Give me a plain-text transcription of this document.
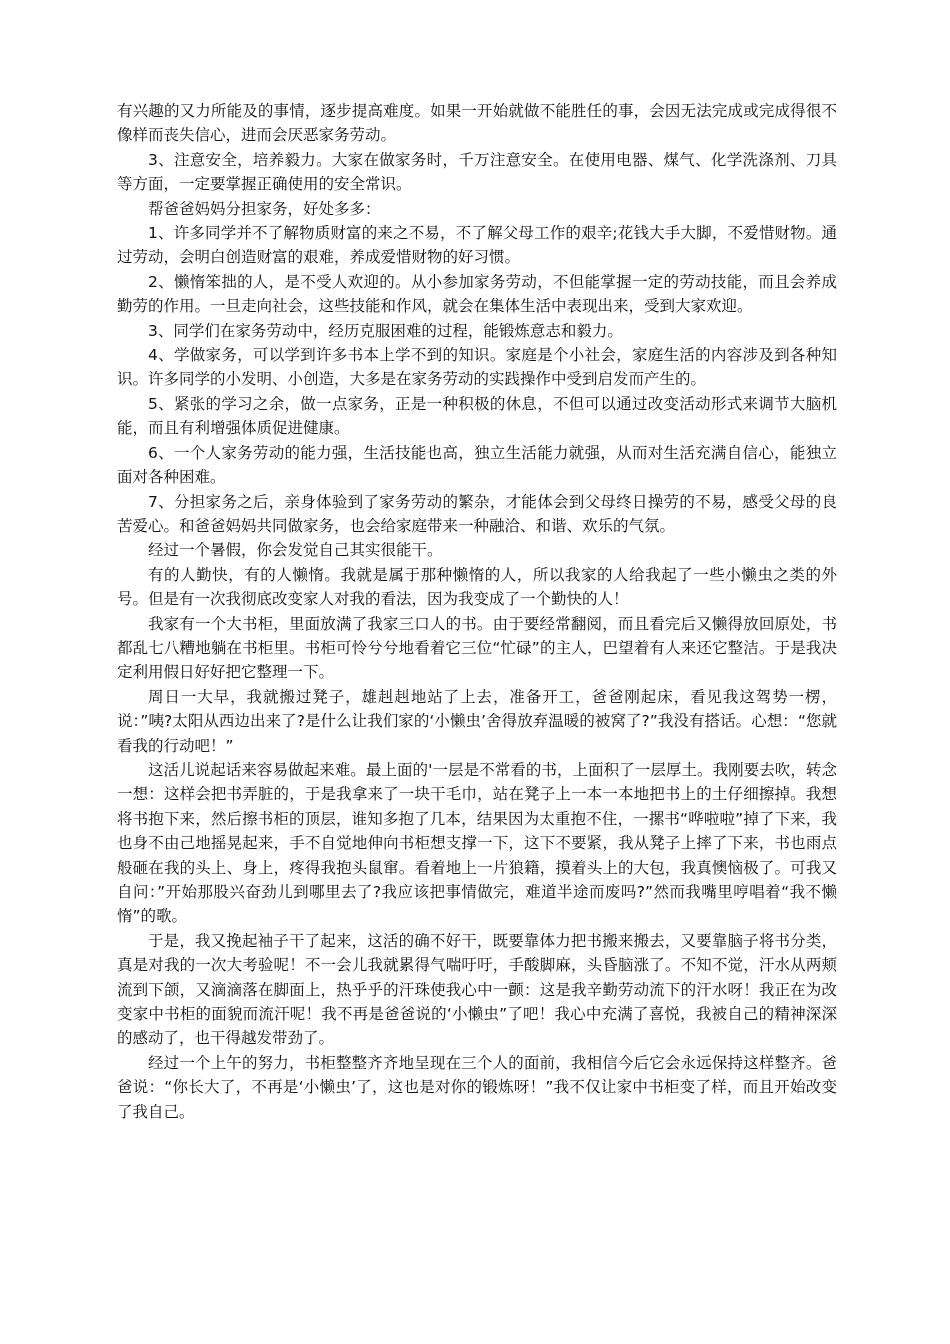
有兴趣的又力所能及的事情，逐步提高难度。如果一开始就做不能胜任的事，会因无法完成或完成得很不像样而丧失信心，进而会厌恶家务劳动。

3、注意安全，培养毅力。大家在做家务时，千万注意安全。在使用电器、煤气、化学洗涤剂、刀具等方面，一定要掌握正确使用的安全常识。

帮爸爸妈妈分担家务，好处多多：

1、许多同学并不了解物质财富的来之不易，不了解父母工作的艰辛;花钱大手大脚，不爱惜财物。通过劳动，会明白创造财富的艰难，养成爱惜财物的好习惯。

2、懒惰笨拙的人，是不受人欢迎的。从小参加家务劳动，不但能掌握一定的劳动技能，而且会养成勤劳的作用。一旦走向社会，这些技能和作风，就会在集体生活中表现出来，受到大家欢迎。

3、同学们在家务劳动中，经历克服困难的过程，能锻炼意志和毅力。

4、学做家务，可以学到许多书本上学不到的知识。家庭是个小社会，家庭生活的内容涉及到各种知识。许多同学的小发明、小创造，大多是在家务劳动的实践操作中受到启发而产生的。

5、紧张的学习之余，做一点家务，正是一种积极的休息，不但可以通过改变活动形式来调节大脑机能，而且有利增强体质促进健康。

6、一个人家务劳动的能力强，生活技能也高，独立生活能力就强，从而对生活充满自信心，能独立面对各种困难。

7、分担家务之后，亲身体验到了家务劳动的繁杂，才能体会到父母终日操劳的不易，感受父母的良苦爱心。和爸爸妈妈共同做家务，也会给家庭带来一种融洽、和谐、欢乐的气氛。

经过一个暑假，你会发觉自己其实很能干。

有的人勤快，有的人懒惰。我就是属于那种懒惰的人，所以我家的人给我起了一些小懒虫之类的外号。但是有一次我彻底改变家人对我的看法，因为我变成了一个勤快的人！

我家有一个大书柜，里面放满了我家三口人的书。由于要经常翻阅，而且看完后又懒得放回原处，书都乱七八糟地躺在书柜里。书柜可怜兮兮地看着它三位“忙碌”的主人，巴望着有人来还它整洁。于是我决定利用假日好好把它整理一下。

周日一大早，我就搬过凳子，雄赳赳地站了上去，准备开工，爸爸刚起床，看见我这驾势一楞，说：”咦?太阳从西边出来了?是什么让我们家的‘小懒虫’舍得放弃温暖的被窝了?”我没有搭话。心想：“您就看我的行动吧！”

这活儿说起话来容易做起来难。最上面的'一层是不常看的书，上面积了一层厚土。我刚要去吹，转念一想：这样会把书弄脏的，于是我拿来了一块干毛巾，站在凳子上一本一本地把书上的土仔细擦掉。我想将书抱下来，然后擦书柜的顶层，谁知多抱了几本，结果因为太重抱不住，一摞书“哗啦啦”掉了下来，我也身不由己地摇晃起来，手不自觉地伸向书柜想支撑一下，这下不要紧，我从凳子上摔了下来，书也雨点般砸在我的头上、身上，疼得我抱头鼠窜。看着地上一片狼籍，摸着头上的大包，我真懊恼极了。可我又自问：”开始那股兴奋劲儿到哪里去了?我应该把事情做完，难道半途而废吗?”然而我嘴里哼唱着“我不懒惰”的歌。

于是，我又挽起袖子干了起来，这活的确不好干，既要靠体力把书搬来搬去，又要靠脑子将书分类，真是对我的一次大考验呢！不一会儿我就累得气喘吁吁，手酸脚麻，头昏脑涨了。不知不觉，汗水从两颊流到下颌，又滴滴落在脚面上，热乎乎的汗珠使我心中一颤：这是我辛勤劳动流下的汗水呀！我正在为改变家中书柜的面貌而流汗呢！我不再是爸爸说的‘小懒虫”了吧！我心中充满了喜悦，我被自己的精神深深的感动了，也干得越发带劲了。

经过一个上午的努力，书柜整整齐齐地呈现在三个人的面前，我相信今后它会永远保持这样整齐。爸爸说：“你长大了，不再是‘小懒虫’了，这也是对你的锻炼呀！”我不仅让家中书柜变了样，而且开始改变了我自己。
